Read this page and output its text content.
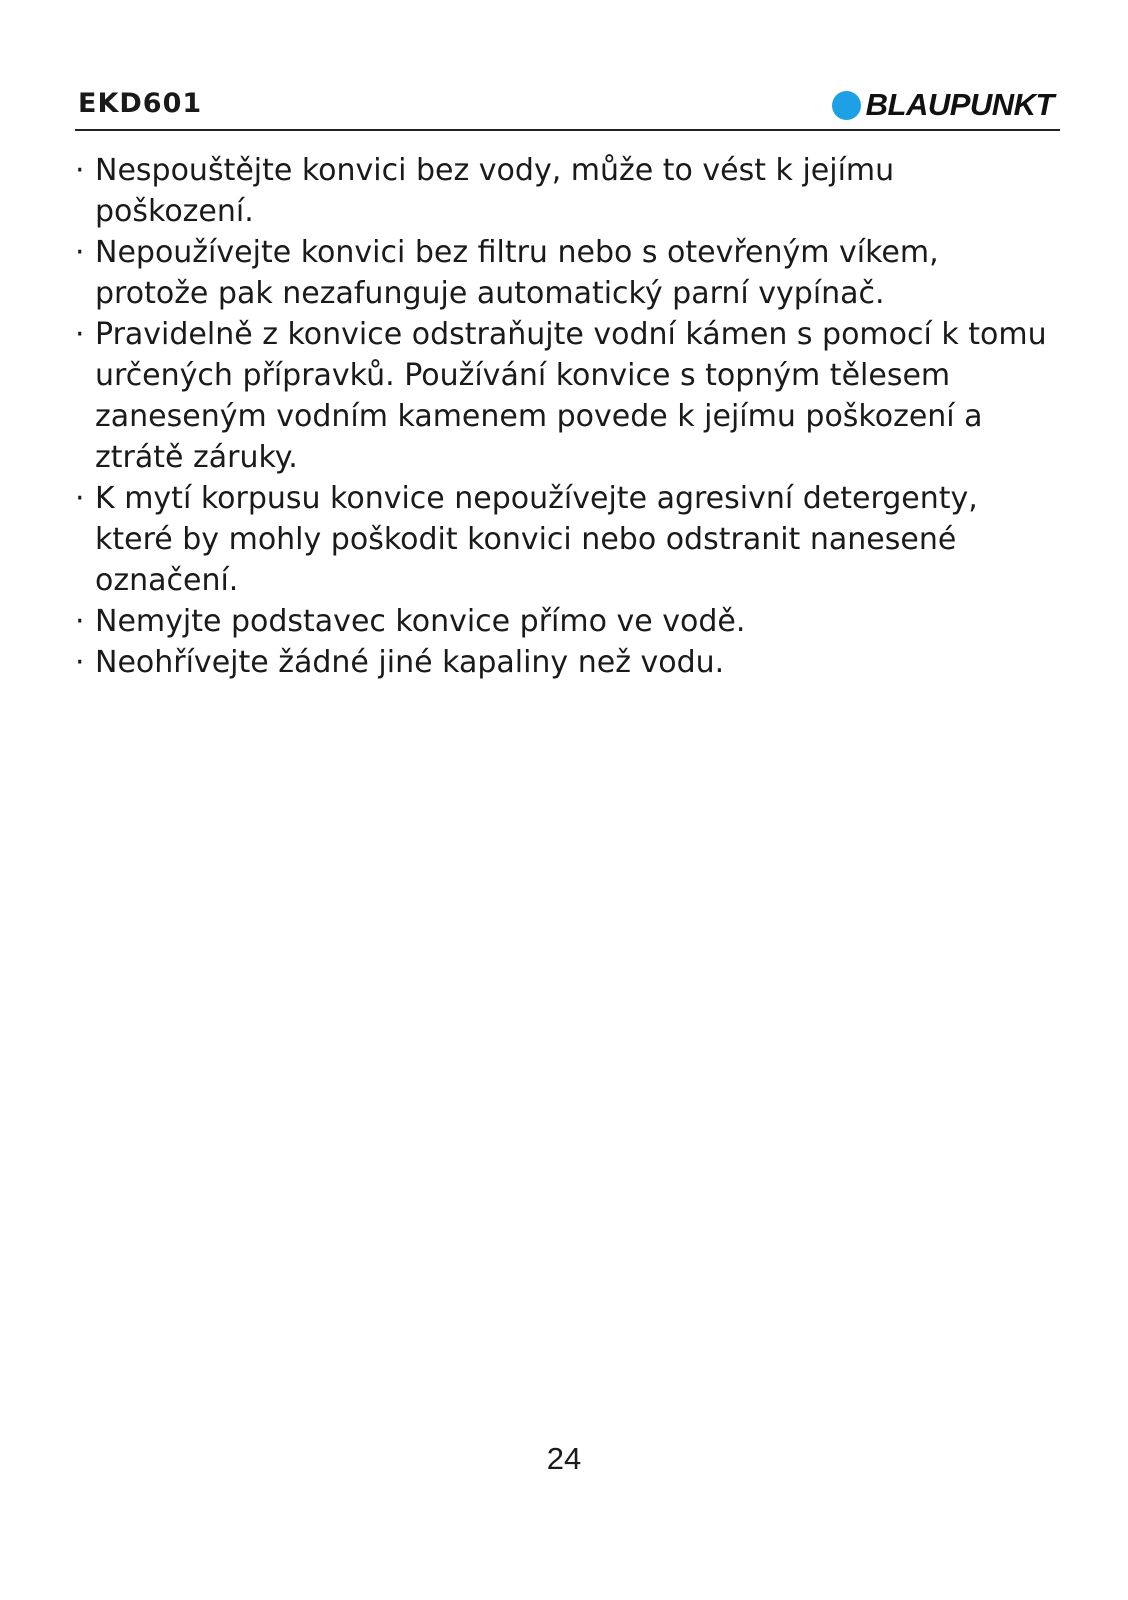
EKD601	BLAUPUNKT
· Nespouštějte konvici bez vody, může to vést k jejímu poškození.
· Nepoužívejte konvici bez filtru nebo s otevřeným víkem, protože pak nezafunguje automatický parní vypínač.
· Pravidelně z konvice odstraňujte vodní kámen s pomocí k tomu určených přípravků. Používání konvice s topným tělesem zaneseným vodním kamenem povede k jejímu poškození a ztrátě záruky.
· K mytí korpusu konvice nepoužívejte agresivní detergenty, které by mohly poškodit konvici nebo odstranit nanesené označení.
· Nemyjte podstavec konvice přímo ve vodě.
· Neohřívejte žádné jiné kapaliny než vodu.
24
